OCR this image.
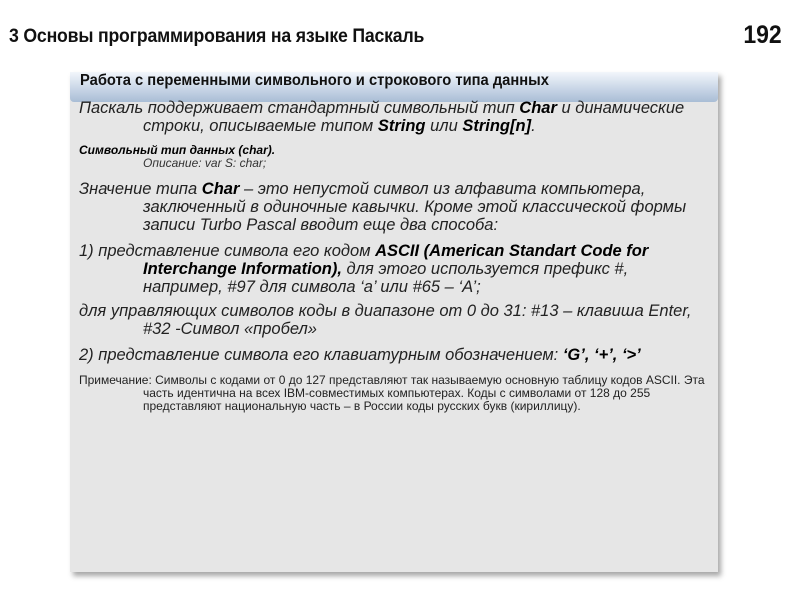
3 Основы программирования на языке Паскаль	192
Работа с переменными символьного и строкового типа данных

Паскаль поддерживает стандартный символьный тип Char и динамические строки, описываемые типом String или String[n].

Символьный тип данных (char).

Описание: var S: char;

Значение типа Char – это непустой символ из алфавита компьютера, заключенный в одиночные кавычки. Кроме этой классической формы записи Turbo Pascal вводит еще два способа:

1) представление символа его кодом ASCII (American Standart Code for Interchange Information), для этого используется префикс #, например, #97 для символа ‘a’ или #65 – ‘A’;

для управляющих символов коды в диапазоне от 0 до 31: #13 – клавиша Enter, #32 -Символ «пробел»

2) представление символа его клавиатурным обозначением: ‘G’, ‘+’, ‘>’

Примечание: Символы с кодами от 0 до 127 представляют так называемую основную таблицу кодов ASCII. Эта часть идентична на всех IBM-совместимых компьютерах. Коды с символами от 128 до 255 представляют национальную часть – в России коды русских букв (кириллицу).
